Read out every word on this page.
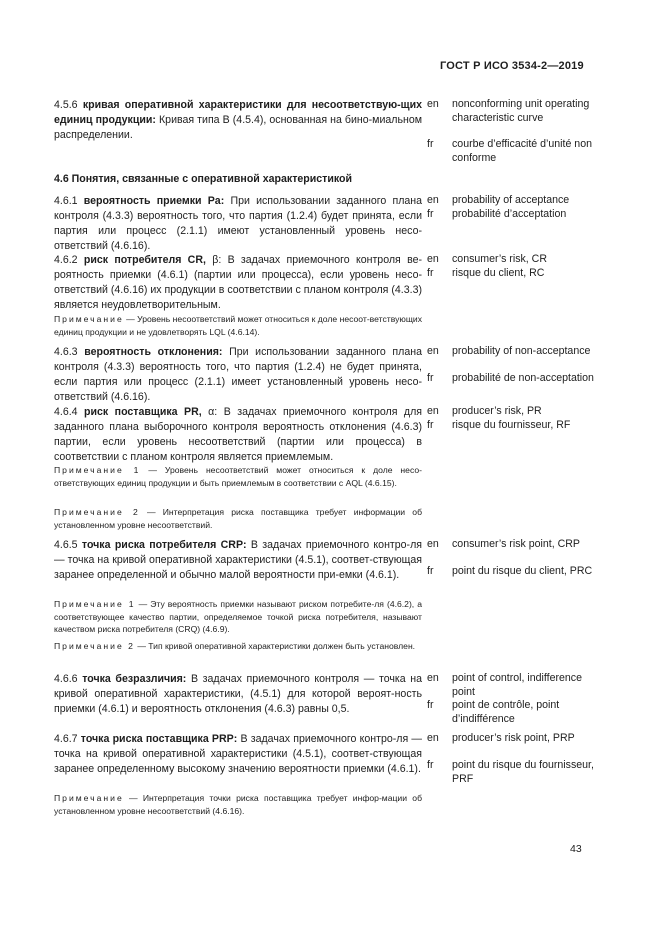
ГОСТ Р ИСО 3534-2—2019
4.5.6 кривая оперативной характеристики для несоответствую-щих единиц продукции: Кривая типа B (4.5.4), основанная на бино-миальном распределении.
en nonconforming unit operating characteristic curve
fr courbe d’efficacité d’unité non conforme
4.6 Понятия, связанные с оперативной характеристикой
4.6.1 вероятность приемки Pa: При использовании заданного плана контроля (4.3.3) вероятность того, что партия (1.2.4) будет принята, если партия или процесс (2.1.1) имеют установленный уровень несо-ответствий (4.6.16).
en probability of acceptance
fr probabilité d’acceptation
4.6.2 риск потребителя CR, β: В задачах приемочного контроля ве-роятность приемки (4.6.1) (партии или процесса), если уровень несо-ответствий (4.6.16) их продукции в соответствии с планом контроля (4.3.3) является неудовлетворительным.
Примечание — Уровень несоответствий может относиться к доле несоот-ветствующих единиц продукции и не удовлетворять LQL (4.6.14).
en consumer’s risk, CR
fr risque du client, RC
4.6.3 вероятность отклонения: При использовании заданного плана контроля (4.3.3) вероятность того, что партия (1.2.4) не будет принята, если партия или процесс (2.1.1) имеет установленный уровень несо-ответствий (4.6.16).
en probability of non-acceptance
fr probabilité de non-acceptation
4.6.4 риск поставщика PR, α: В задачах приемочного контроля для заданного плана выборочного контроля вероятность отклонения (4.6.3) партии, если уровень несоответствий (партии или процесса) в соответствии с планом контроля является приемлемым.
Примечание 1 — Уровень несоответствий может относиться к доле несо-ответствующих единиц продукции и быть приемлемым в соответствии с AQL (4.6.15).
Примечание 2 — Интерпретация риска поставщика требует информации об установленном уровне несоответствий.
en producer’s risk, PR
fr risque du fournisseur, RF
4.6.5 точка риска потребителя CRP: В задачах приемочного контро-ля — точка на кривой оперативной характеристики (4.5.1), соответ-ствующая заранее определенной и обычно малой вероятности при-емки (4.6.1).
Примечание 1 — Эту вероятность приемки называют риском потребите-ля (4.6.2), а соответствующее качество партии, определяемое точкой риска потребителя, называют качеством риска потребителя (CRQ) (4.6.9).
Примечание 2 — Тип кривой оперативной характеристики должен быть установлен.
en consumer’s risk point, CRP
fr point du risque du client, PRC
4.6.6 точка безразличия: В задачах приемочного контроля — точка на кривой оперативной характеристики, (4.5.1) для которой вероят-ность приемки (4.6.1) и вероятность отклонения (4.6.3) равны 0,5.
en point of control, indifference point
fr point de contrôle, point d’indifférence
4.6.7 точка риска поставщика PRP: В задачах приемочного контро-ля — точка на кривой оперативной характеристики (4.5.1), соответ-ствующая заранее определенному высокому значению вероятности приемки (4.6.1).
Примечание — Интерпретация точки риска поставщика требует инфор-мации об установленном уровне несоответствий (4.6.16).
en producer’s risk point, PRP
fr point du risque du fournisseur, PRF
43
